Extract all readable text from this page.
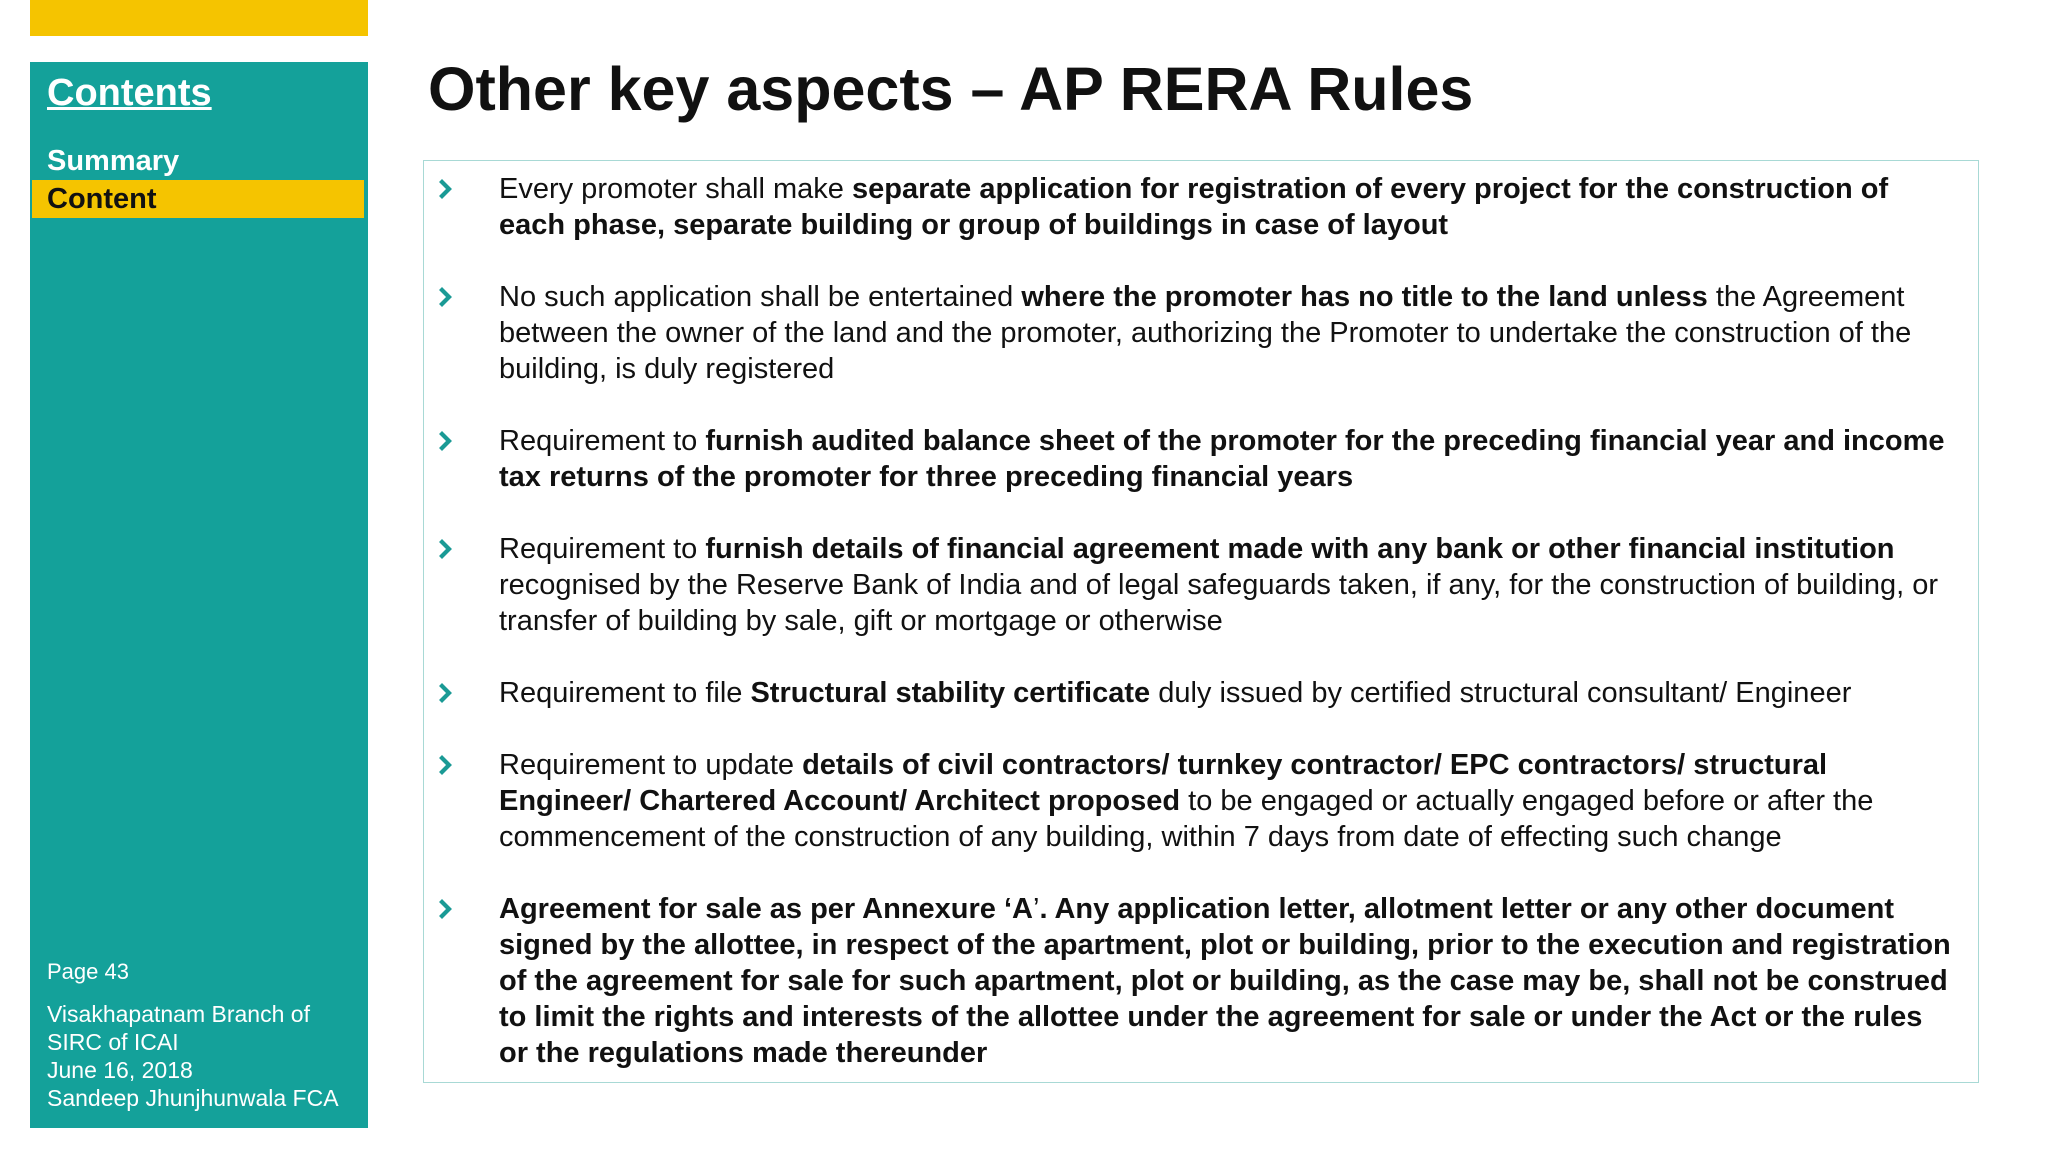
Contents
Summary
Content
Page 43
Visakhapatnam Branch of
SIRC of ICAI
June 16, 2018
Sandeep Jhunjhunwala FCA
Other key aspects – AP RERA Rules
Every promoter shall make separate application for registration of every project for the construction of each phase, separate building or group of buildings in case of layout
No such application shall be entertained where the promoter has no title to the land unless the Agreement between the owner of the land and the promoter, authorizing the Promoter to undertake the construction of the building, is duly registered
Requirement to furnish audited balance sheet of the promoter for the preceding financial year and income tax returns of the promoter for three preceding financial years
Requirement to furnish details of financial agreement made with any bank or other financial institution recognised by the Reserve Bank of India and of legal safeguards taken, if any, for the construction of building, or transfer of building by sale, gift or mortgage or otherwise
Requirement to file Structural stability certificate duly issued by certified structural consultant/ Engineer
Requirement to update details of civil contractors/ turnkey contractor/ EPC contractors/ structural Engineer/ Chartered Account/ Architect proposed to be engaged or actually engaged before or after the commencement of the construction of any building, within 7 days from date of effecting such change
Agreement for sale as per Annexure ‘A’. Any application letter, allotment letter or any other document signed by the allottee, in respect of the apartment, plot or building, prior to the execution and registration of the agreement for sale for such apartment, plot or building, as the case may be, shall not be construed to limit the rights and interests of the allottee under the agreement for sale or under the Act or the rules or the regulations made thereunder
